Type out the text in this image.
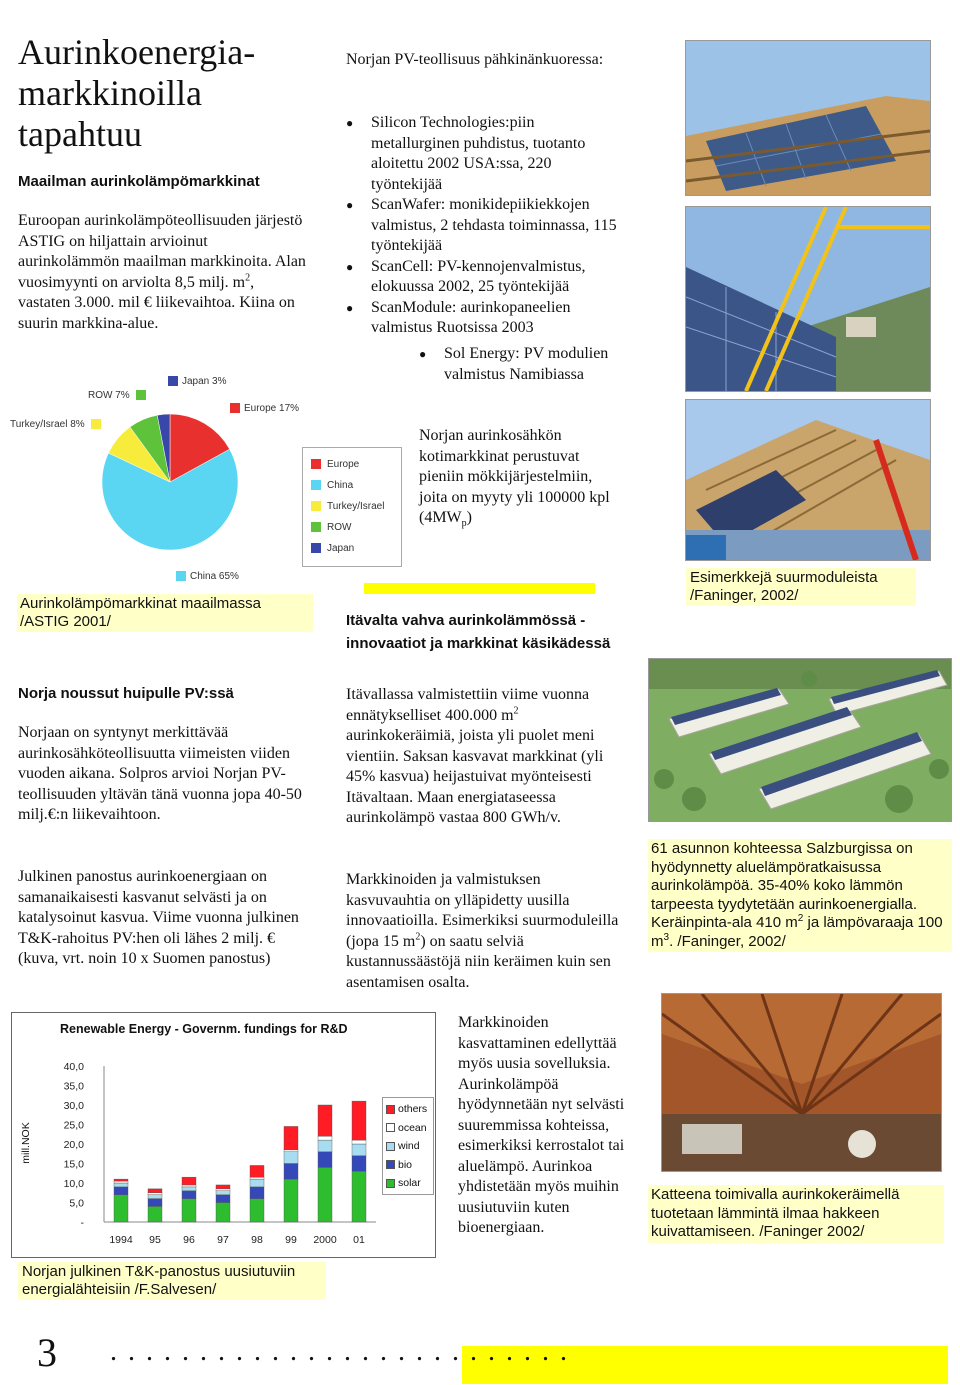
Aurinkoenergia-markkinoilla tapahtuu
Maailman aurinkolämpömarkkinat
Euroopan aurinkolämpöteollisuuden järjestö ASTIG on hiljattain arvioinut aurinkolämmön maailman markkinoita. Alan vuosimyynti on arviolta 8,5 milj. $m^2$, vastaten 3.000. mil € liikevaihtoa. Kiina on suurin markkina-alue.
ROW 7%
Japan 3%
Europe 17%
Turkey/Israel 8%
China 65%
Europe
China
Turkey/Israel
ROW
Japan
Aurinkolämpömarkkinat maailmassa /ASTIG 2001/
Norja noussut huipulle PV:ssä
Norjaan on syntynyt merkittävää aurinkosähköteollisuutta viimeisten viiden vuoden aikana. Solpros arvioi Norjan PV-teollisuuden yltävän tänä vuonna jopa 40-50 milj.€:n liikevaihtoon.
Julkinen panostus aurinkoenergiaan on samanaikaisesti kasvanut selvästi ja on katalysoinut kasvua. Viime vuonna julkinen T&K-rahoitus PV:hen oli lähes 2 milj. € (kuva, vrt. noin 10 x Suomen panostus)
Renewable Energy - Governm. fundings for R&D
mill.NOK
-
5,0
10,0
15,0
20,0
25,0
30,0
35,0
40,0
1994 95 96 97 98 99 2000 01
others
ocean
wind
bio
solar
Norjan julkinen T&K-panostus uusiutuviin energialähteisiin /F.Salvesen/
Norjan PV-teollisuus pähkinänkuoressa:
● Silicon Technologies:piin metallurginen puhdistus, tuotanto aloitettu 2002 USA:ssa, 220 työntekijää
● ScanWafer: monikidepiikiekkojen valmistus, 2 tehdasta toiminnassa, 115 työntekijää
● ScanCell: PV-kennojenvalmistus, elokuussa 2002, 25 työntekijää
● ScanModule: aurinkopaneelien valmistus Ruotsissa 2003
● Sol Energy: PV modulien valmistus Namibiassa
Norjan aurinkosähkön kotimarkkinat perustuvat pieniin mökkijärjestelmiin, joita on myyty yli 100000 kpl $(4MW_p)$
Itävalta vahva aurinkolämmössä - innovaatiot ja markkinat käsikädessä
Itävallassa valmistettiin viime vuonna ennätykselliset 400.000 $m^2$ aurinkokeräimiä, joista yli puolet meni vientiin. Saksan kasvavat markkinat (yli 45% kasvua) heijastuivat myönteisesti Itävaltaan. Maan energiataseessa aurinkolämpö vastaa 800 GWh/v.
Markkinoiden ja valmistuksen kasvuvauhtia on ylläpidetty uusilla innovaatioilla. Esimerkiksi suurmoduleilla (jopa 15 $m^2$) on saatu selviä kustannussäästöjä niin keräimen kuin sen asentamisen osalta.
Markkinoiden kasvattaminen edellyttää myös uusia sovelluksia. Aurinkolämpöä hyödynnetään nyt selvästi suuremmissa kohteissa, esimerkiksi kerrostalot tai aluelämpö. Aurinkoa yhdistetään myös muihin uusiutuviin kuten bioenergiaan.
Esimerkkejä suurmoduleista /Faninger, 2002/
61 asunnon kohteessa Salzburgissa on hyödynnetty aluelämpöratkaisussa aurinkolämpöä. 35-40% koko lämmön tarpeesta tyydytetään aurinkoenergialla. Keräinpinta-ala 410 $m^2$ ja lämpövaraaja 100 $m^3$. /Faninger, 2002/
Katteena toimivalla aurinkokeräimellä tuotetaan lämmintä ilmaa hakkeen kuivattamiseen. /Faninger 2002/
3 . . . . . . . . . . . . . . . . . . . . . . . . . .
